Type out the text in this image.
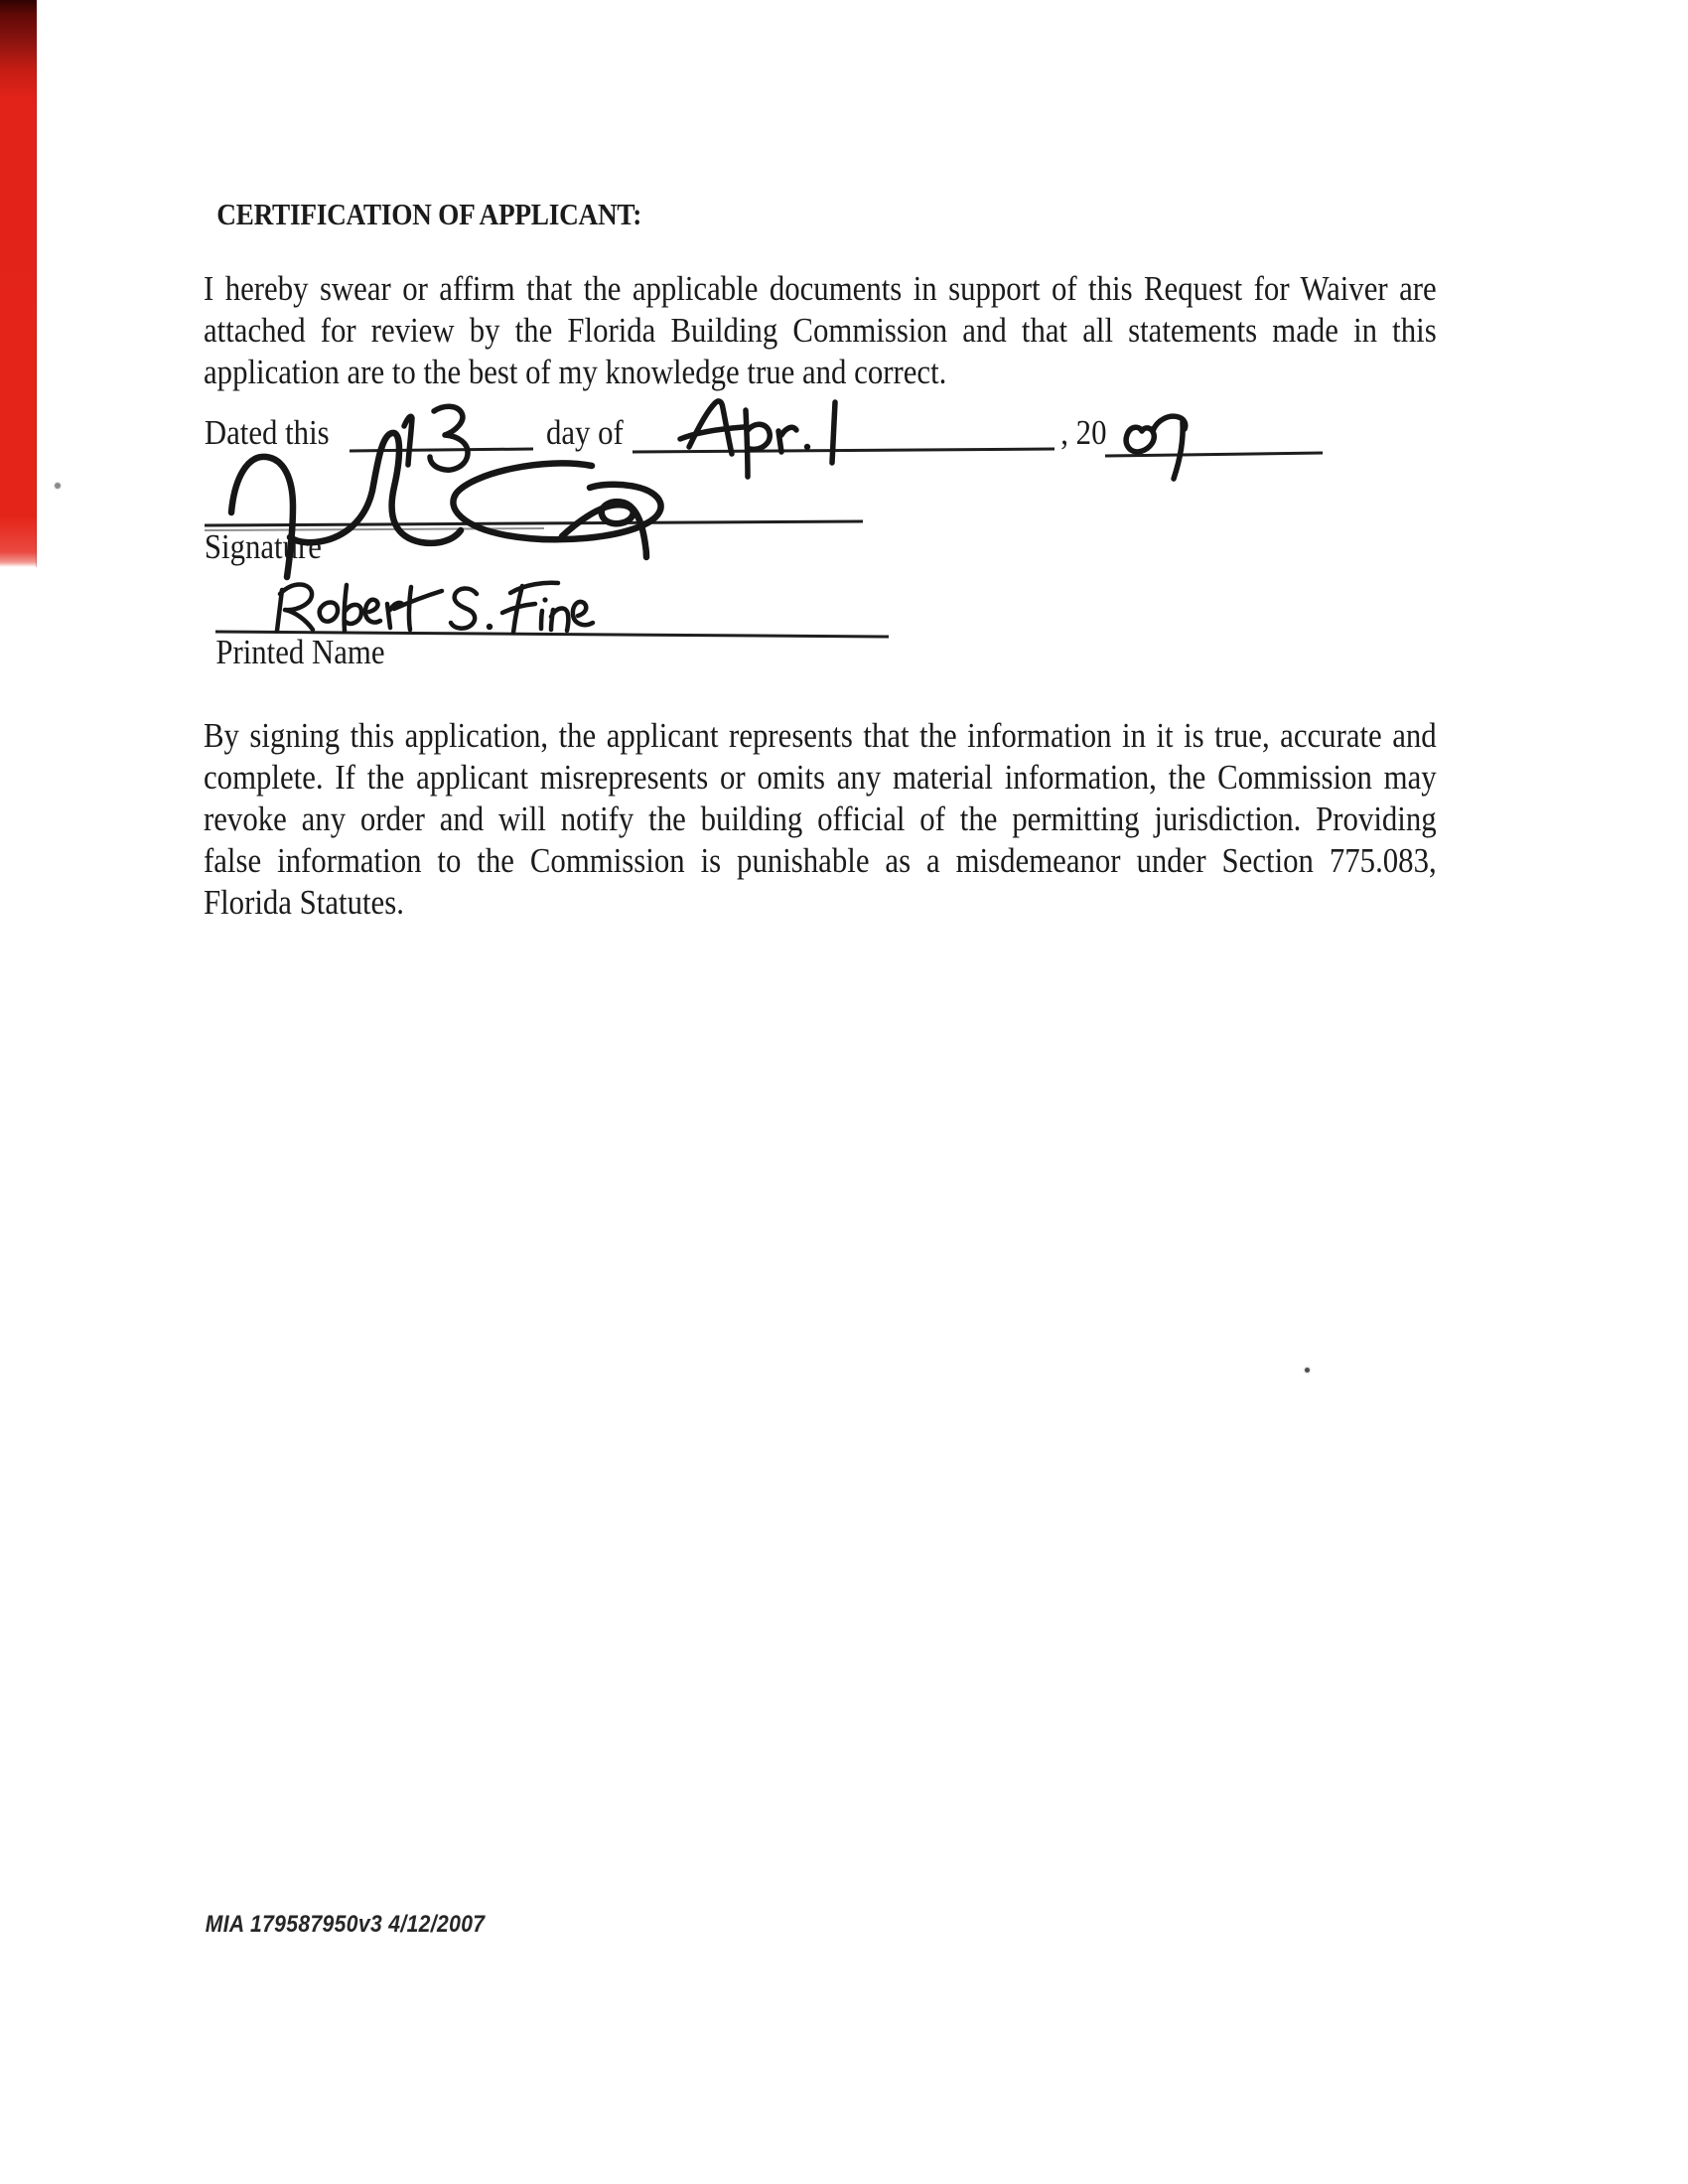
CERTIFICATION OF APPLICANT:
I hereby swear or affirm that the applicable documents in support of this Request for Waiver are
attached for review by the Florida Building Commission and that all statements made in this
application are to the best of my knowledge true and correct.
Dated this	day of	, 20
Signature
Printed Name
By signing this application, the applicant represents that the information in it is true, accurate and
complete. If the applicant misrepresents or omits any material information, the Commission may
revoke any order and will notify the building official of the permitting jurisdiction. Providing
false information to the Commission is punishable as a misdemeanor under Section 775.083,
Florida Statutes.
MIA 179587950v3 4/12/2007
